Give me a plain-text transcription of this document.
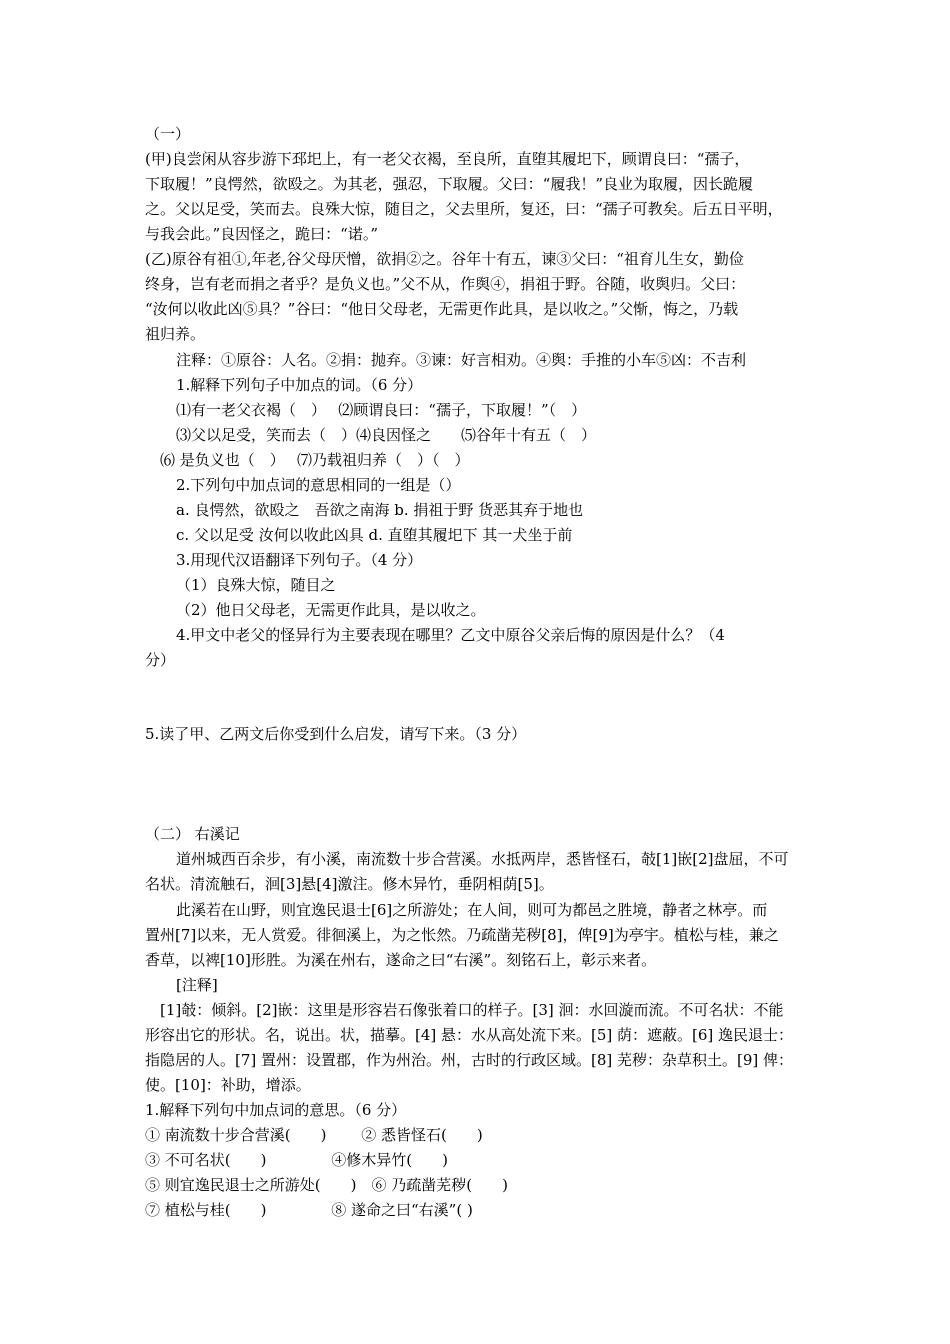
（一）
(甲)良尝闲从容步游下邳圯上，有一老父衣褐，至良所，直堕其履圯下，顾谓良曰：“孺子，
下取履！”良愕然，欲殴之。为其老，强忍，下取履。父曰：“履我！”良业为取履，因长跪履
之。父以足受，笑而去。良殊大惊，随目之，父去里所，复还，曰：“孺子可教矣。后五日平明，
与我会此。”良因怪之，跪曰：“诺。”
(乙)原谷有祖①,年老,谷父母厌憎，欲捐②之。谷年十有五，谏③父曰：“祖育儿生女，勤俭
终身，岂有老而捐之者乎？是负义也。”父不从，作舆④，捐祖于野。谷随，收舆归。父曰：
“汝何以收此凶⑤具？”谷曰：“他日父母老，无需更作此具，是以收之。”父惭，悔之，乃载
祖归养。
注释：①原谷：人名。②捐：抛弃。③谏：好言相劝。④舆：手推的小车⑤凶：不吉利
1.解释下列句子中加点的词。（6 分）
⑴有一老父衣褐（　）　 ⑵顾谓良曰：“孺子，下取履！”（　）
⑶父以足受，笑而去（　）⑷良因怪之　　⑸谷年十有五（　）
⑹ 是负义也（　）　 ⑺乃载祖归养（　）（　）
2.下列句中加点词的意思相同的一组是（）
a. 良愕然，欲殴之　吾欲之南海 b. 捐祖于野 货恶其弃于地也
c. 父以足受 汝何以收此凶具 d. 直堕其履圯下 其一犬坐于前
3.用现代汉语翻译下列句子。（4 分）
（1）良殊大惊，随目之
（2）他日父母老，无需更作此具，是以收之。
4.甲文中老父的怪异行为主要表现在哪里？乙文中原谷父亲后悔的原因是什么？（4
分）
5.读了甲、乙两文后你受到什么启发，请写下来。（3 分）
（二） 右溪记
道州城西百余步，有小溪，南流数十步合营溪。水抵两岸，悉皆怪石，攲[1]嵌[2]盘屈，不可
名状。清流触石，洄[3]悬[4]激注。修木异竹，垂阴相荫[5]。
此溪若在山野，则宜逸民退士[6]之所游处；在人间，则可为都邑之胜境，静者之林亭。而
置州[7]以来，无人赏爱。徘徊溪上，为之怅然。乃疏凿芜秽[8]，俾[9]为亭宇。植松与桂，兼之
香草，以裨[10]形胜。为溪在州右，遂命之曰“右溪”。刻铭石上，彰示来者。
[注释]
[1]攲：倾斜。[2]嵌：这里是形容岩石像张着口的样子。[3] 洄：水回漩而流。不可名状：不能
形容出它的形状。名，说出。状，描摹。[4] 悬：水从高处流下来。[5] 荫：遮蔽。[6] 逸民退士：
指隐居的人。[7] 置州：设置郡，作为州治。州，古时的行政区域。[8] 芜秽：杂草积土。[9] 俾：
使。[10]：补助，增添。
1.解释下列句中加点词的意思。（6 分）
① 南流数十步合营溪(　　)　　 ② 悉皆怪石(　　)
③ 不可名状(　　)　　　　 ④修木异竹(　　)
⑤ 则宜逸民退士之所游处(　　)　⑥ 乃疏凿芜秽(　　)
⑦ 植松与桂(　　)　　　　 ⑧ 遂命之曰“右溪”( )
